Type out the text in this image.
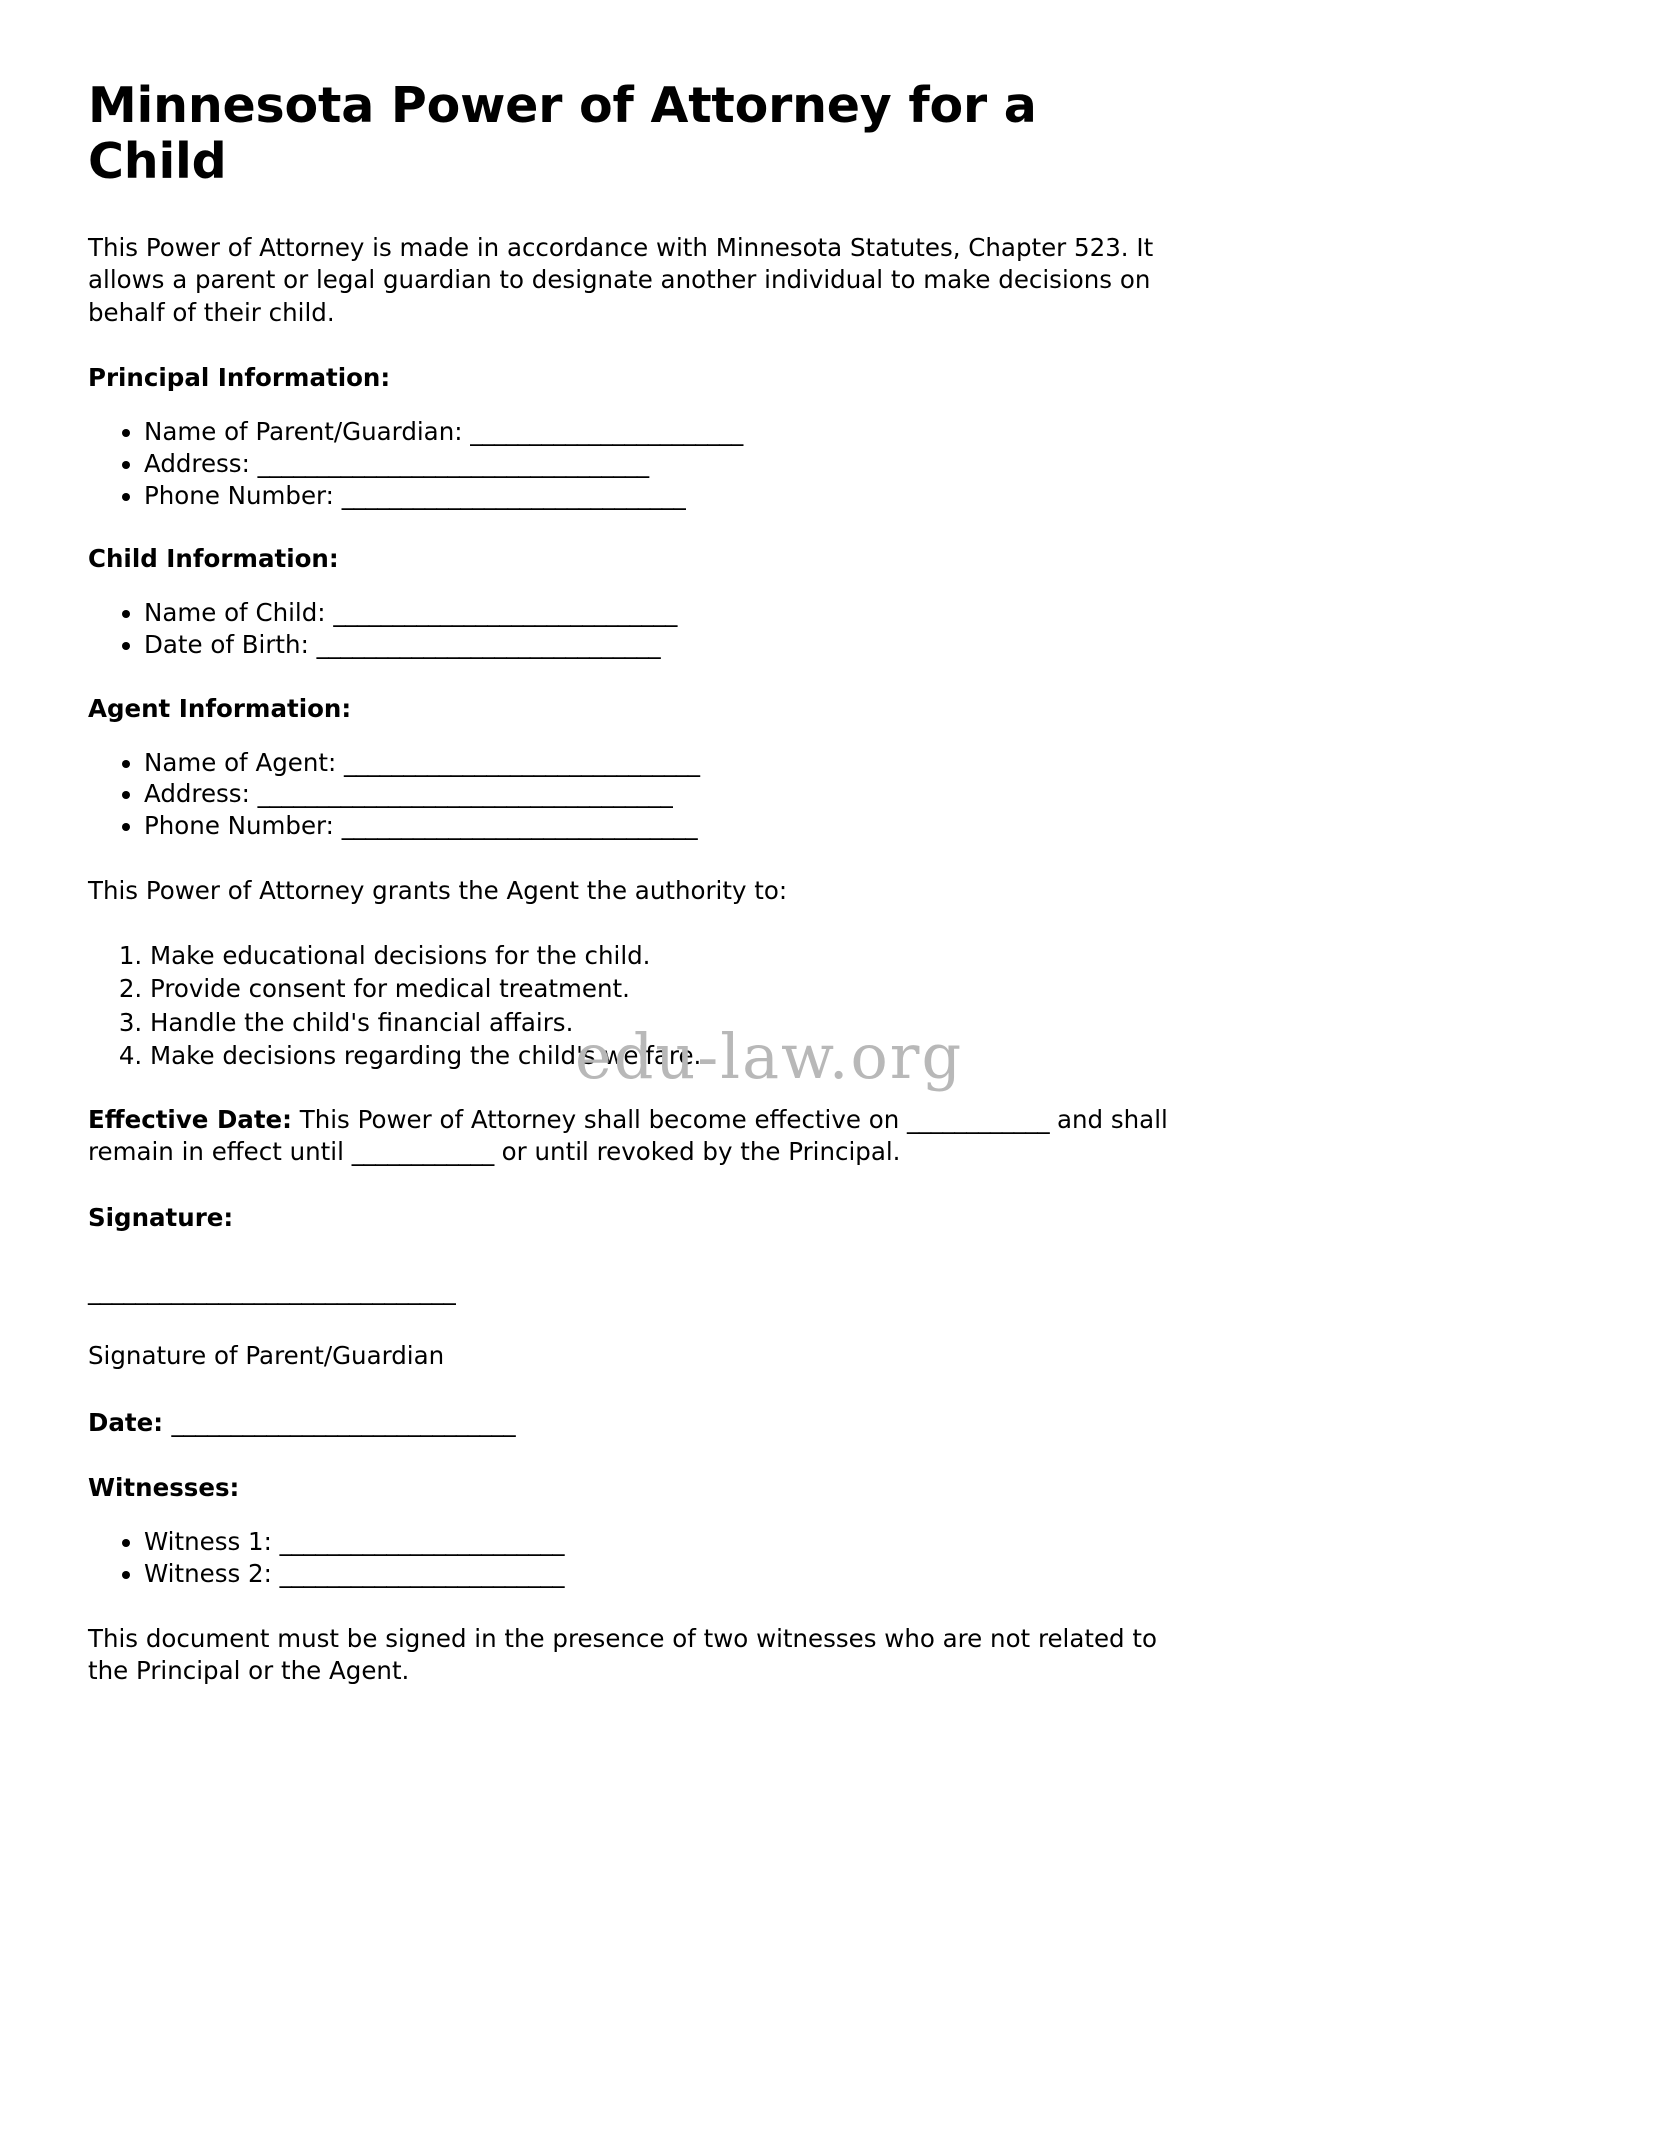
edu-law.org
Minnesota Power of Attorney for a Child

This Power of Attorney is made in accordance with Minnesota Statutes, Chapter 523. It allows a parent or legal guardian to designate another individual to make decisions on behalf of their child.

Principal Information:
• Name of Parent/Guardian: _______________________
• Address: _________________________________
• Phone Number: _____________________________
Child Information:
• Name of Child: _____________________________
• Date of Birth: _____________________________
Agent Information:
• Name of Agent: ______________________________
• Address: ___________________________________
• Phone Number: ______________________________

This Power of Attorney grants the Agent the authority to:

1. Make educational decisions for the child.
2. Provide consent for medical treatment.
3. Handle the child's financial affairs.
4. Make decisions regarding the child's welfare.

Effective Date: This Power of Attorney shall become effective on ____________ and shall remain in effect until ____________ or until revoked by the Principal.

Signature:
_______________________________
Signature of Parent/Guardian
Date: _____________________________
Witnesses:
• Witness 1: ________________________
• Witness 2: ________________________

This document must be signed in the presence of two witnesses who are not related to the Principal or the Agent.
